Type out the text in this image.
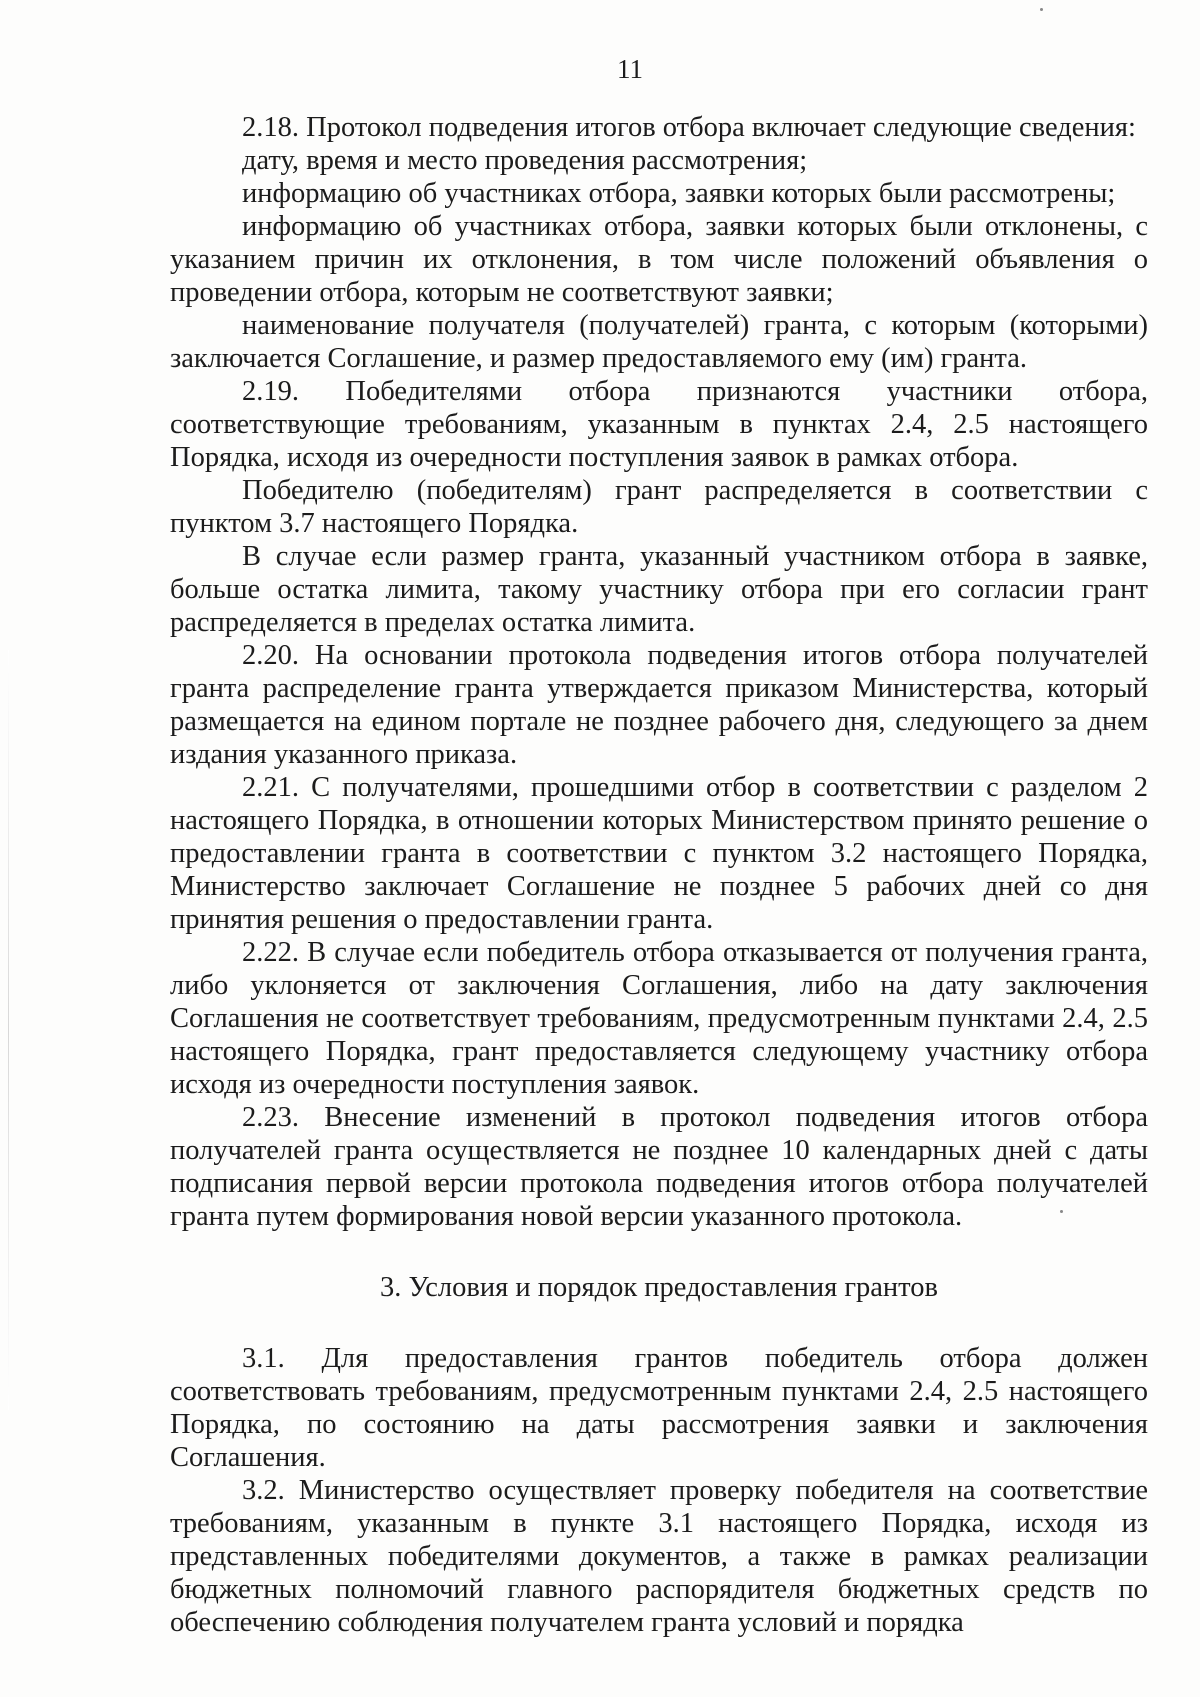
11

2.18. Протокол подведения итогов отбора включает следующие сведения:

дату, время и место проведения рассмотрения;

информацию об участниках отбора, заявки которых были рассмотрены;

информацию об участниках отбора, заявки которых были отклонены, с указанием причин их отклонения, в том числе положений объявления о проведении отбора, которым не соответствуют заявки;

наименование получателя (получателей) гранта, с которым (которыми) заключается Соглашение, и размер предоставляемого ему (им) гранта.

2.19. Победителями отбора признаются участники отбора, соответствующие требованиям, указанным в пунктах 2.4, 2.5 настоящего Порядка, исходя из очередности поступления заявок в рамках отбора.

Победителю (победителям) грант распределяется в соответствии с пунктом 3.7 настоящего Порядка.

В случае если размер гранта, указанный участником отбора в заявке, больше остатка лимита, такому участнику отбора при его согласии грант распределяется в пределах остатка лимита.

2.20. На основании протокола подведения итогов отбора получателей гранта распределение гранта утверждается приказом Министерства, который размещается на едином портале не позднее рабочего дня, следующего за днем издания указанного приказа.

2.21. С получателями, прошедшими отбор в соответствии с разделом 2 настоящего Порядка, в отношении которых Министерством принято решение о предоставлении гранта в соответствии с пунктом 3.2 настоящего Порядка, Министерство заключает Соглашение не позднее 5 рабочих дней со дня принятия решения о предоставлении гранта.

2.22. В случае если победитель отбора отказывается от получения гранта, либо уклоняется от заключения Соглашения, либо на дату заключения Соглашения не соответствует требованиям, предусмотренным пунктами 2.4, 2.5 настоящего Порядка, грант предоставляется следующему участнику отбора исходя из очередности поступления заявок.

2.23. Внесение изменений в протокол подведения итогов отбора получателей гранта осуществляется не позднее 10 календарных дней с даты подписания первой версии протокола подведения итогов отбора получателей гранта путем формирования новой версии указанного протокола.

3. Условия и порядок предоставления грантов

3.1. Для предоставления грантов победитель отбора должен соответствовать требованиям, предусмотренным пунктами 2.4, 2.5 настоящего Порядка, по состоянию на даты рассмотрения заявки и заключения Соглашения.

3.2. Министерство осуществляет проверку победителя на соответствие требованиям, указанным в пункте 3.1 настоящего Порядка, исходя из представленных победителями документов, а также в рамках реализации бюджетных полномочий главного распорядителя бюджетных средств по обеспечению соблюдения получателем гранта условий и порядка
